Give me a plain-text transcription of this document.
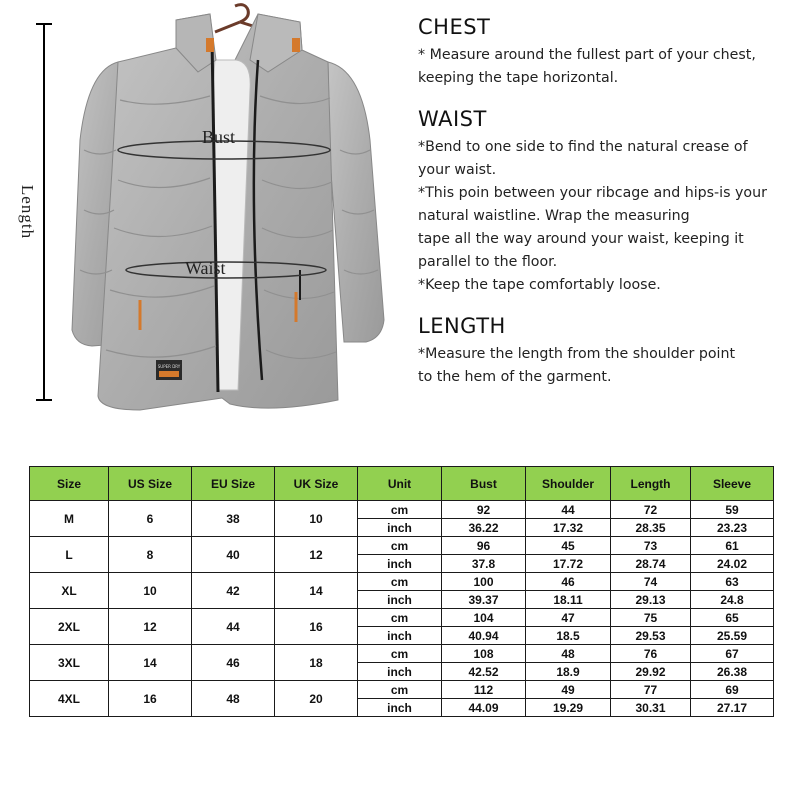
SUPER DRY
Bust
Waist
Length
CHEST

* Measure around the fullest part of your chest,

keeping the tape horizontal.

WAIST

*Bend to one side to find the natural crease of

your waist.

*This poin between your ribcage and hips-is your

natural waistline. Wrap the measuring

tape all the way around your waist, keeping it

parallel to the floor.

*Keep the tape comfortably loose.

LENGTH

*Measure the length from the shoulder point

to the hem of the garment.

Size	US Size	EU Size	UK Size	Unit	Bust	Shoulder	Length	Sleeve
M	6	38	10	cm	92	44	72	59
				inch	36.22	17.32	28.35	23.23
L	8	40	12	cm	96	45	73	61
				inch	37.8	17.72	28.74	24.02
XL	10	42	14	cm	100	46	74	63
				inch	39.37	18.11	29.13	24.8
2XL	12	44	16	cm	104	47	75	65
				inch	40.94	18.5	29.53	25.59
3XL	14	46	18	cm	108	48	76	67
				inch	42.52	18.9	29.92	26.38
4XL	16	48	20	cm	112	49	77	69
				inch	44.09	19.29	30.31	27.17
